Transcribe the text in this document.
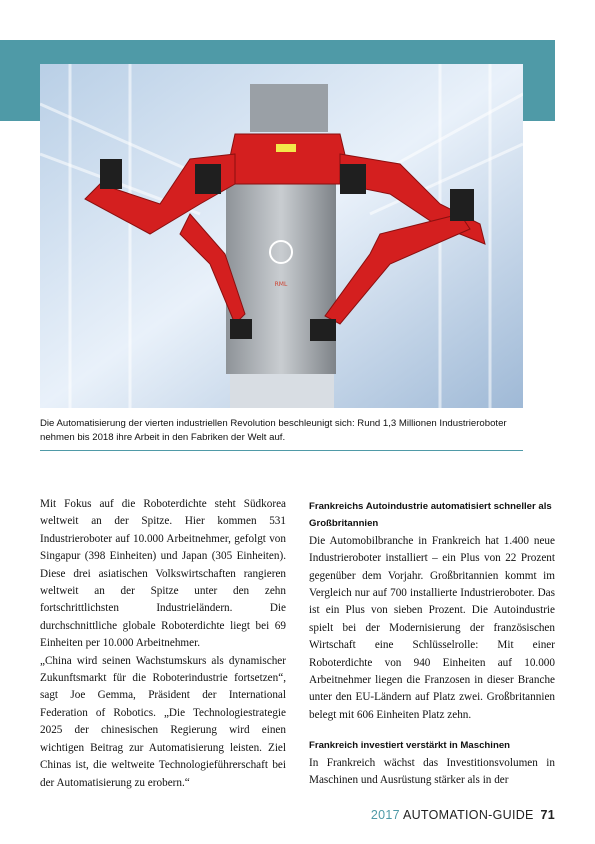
RML
Die Automatisierung der vierten industriellen Revolution beschleunigt sich: Rund 1,3 Millionen Industrieroboter
nehmen bis 2018 ihre Arbeit in den Fabriken der Welt auf.

Mit Fokus auf die Roboterdichte steht Südkorea weltweit an der Spitze. Hier kommen 531 Industrieroboter auf 10.000 Arbeitnehmer, gefolgt von Singapur (398 Einheiten) und Japan (305 Einheiten). Diese drei asiatischen Volkswirtschaften rangieren weltweit an der Spitze unter den zehn fortschrittlichsten Industrieländern. Die durchschnittliche globale Roboterdichte liegt bei 69 Einheiten per 10.000 Arbeitnehmer.

„China wird seinen Wachstumskurs als dynamischer Zukunftsmarkt für die Roboterindustrie fortsetzen“, sagt Joe Gemma, Präsident der International Federation of Robotics. „Die Technologiestrategie 2025 der chinesischen Regierung wird einen wichtigen Beitrag zur Automatisierung leisten. Ziel Chinas ist, die weltweite Technologieführerschaft bei der Automatisierung zu erobern.“

Frankreichs Autoindustrie automatisiert schneller als Großbritannien

Die Automobilbranche in Frankreich hat 1.400 neue Industrieroboter installiert – ein Plus von 22 Prozent gegenüber dem Vorjahr. Großbritannien kommt im Vergleich nur auf 700 installierte Industrieroboter. Das ist ein Plus von sieben Prozent. Die Autoindustrie spielt bei der Modernisierung der französischen Wirtschaft eine Schlüsselrolle: Mit einer Roboterdichte von 940 Einheiten auf 10.000 Arbeitnehmer liegen die Franzosen in dieser Branche unter den EU-Ländern auf Platz zwei. Großbritannien belegt mit 606 Einheiten Platz zehn.

Frankreich investiert verstärkt in Maschinen

In Frankreich wächst das Investitionsvolumen in Maschinen und Ausrüstung stärker als in der

2017 AUTOMATION-GUIDE 71
